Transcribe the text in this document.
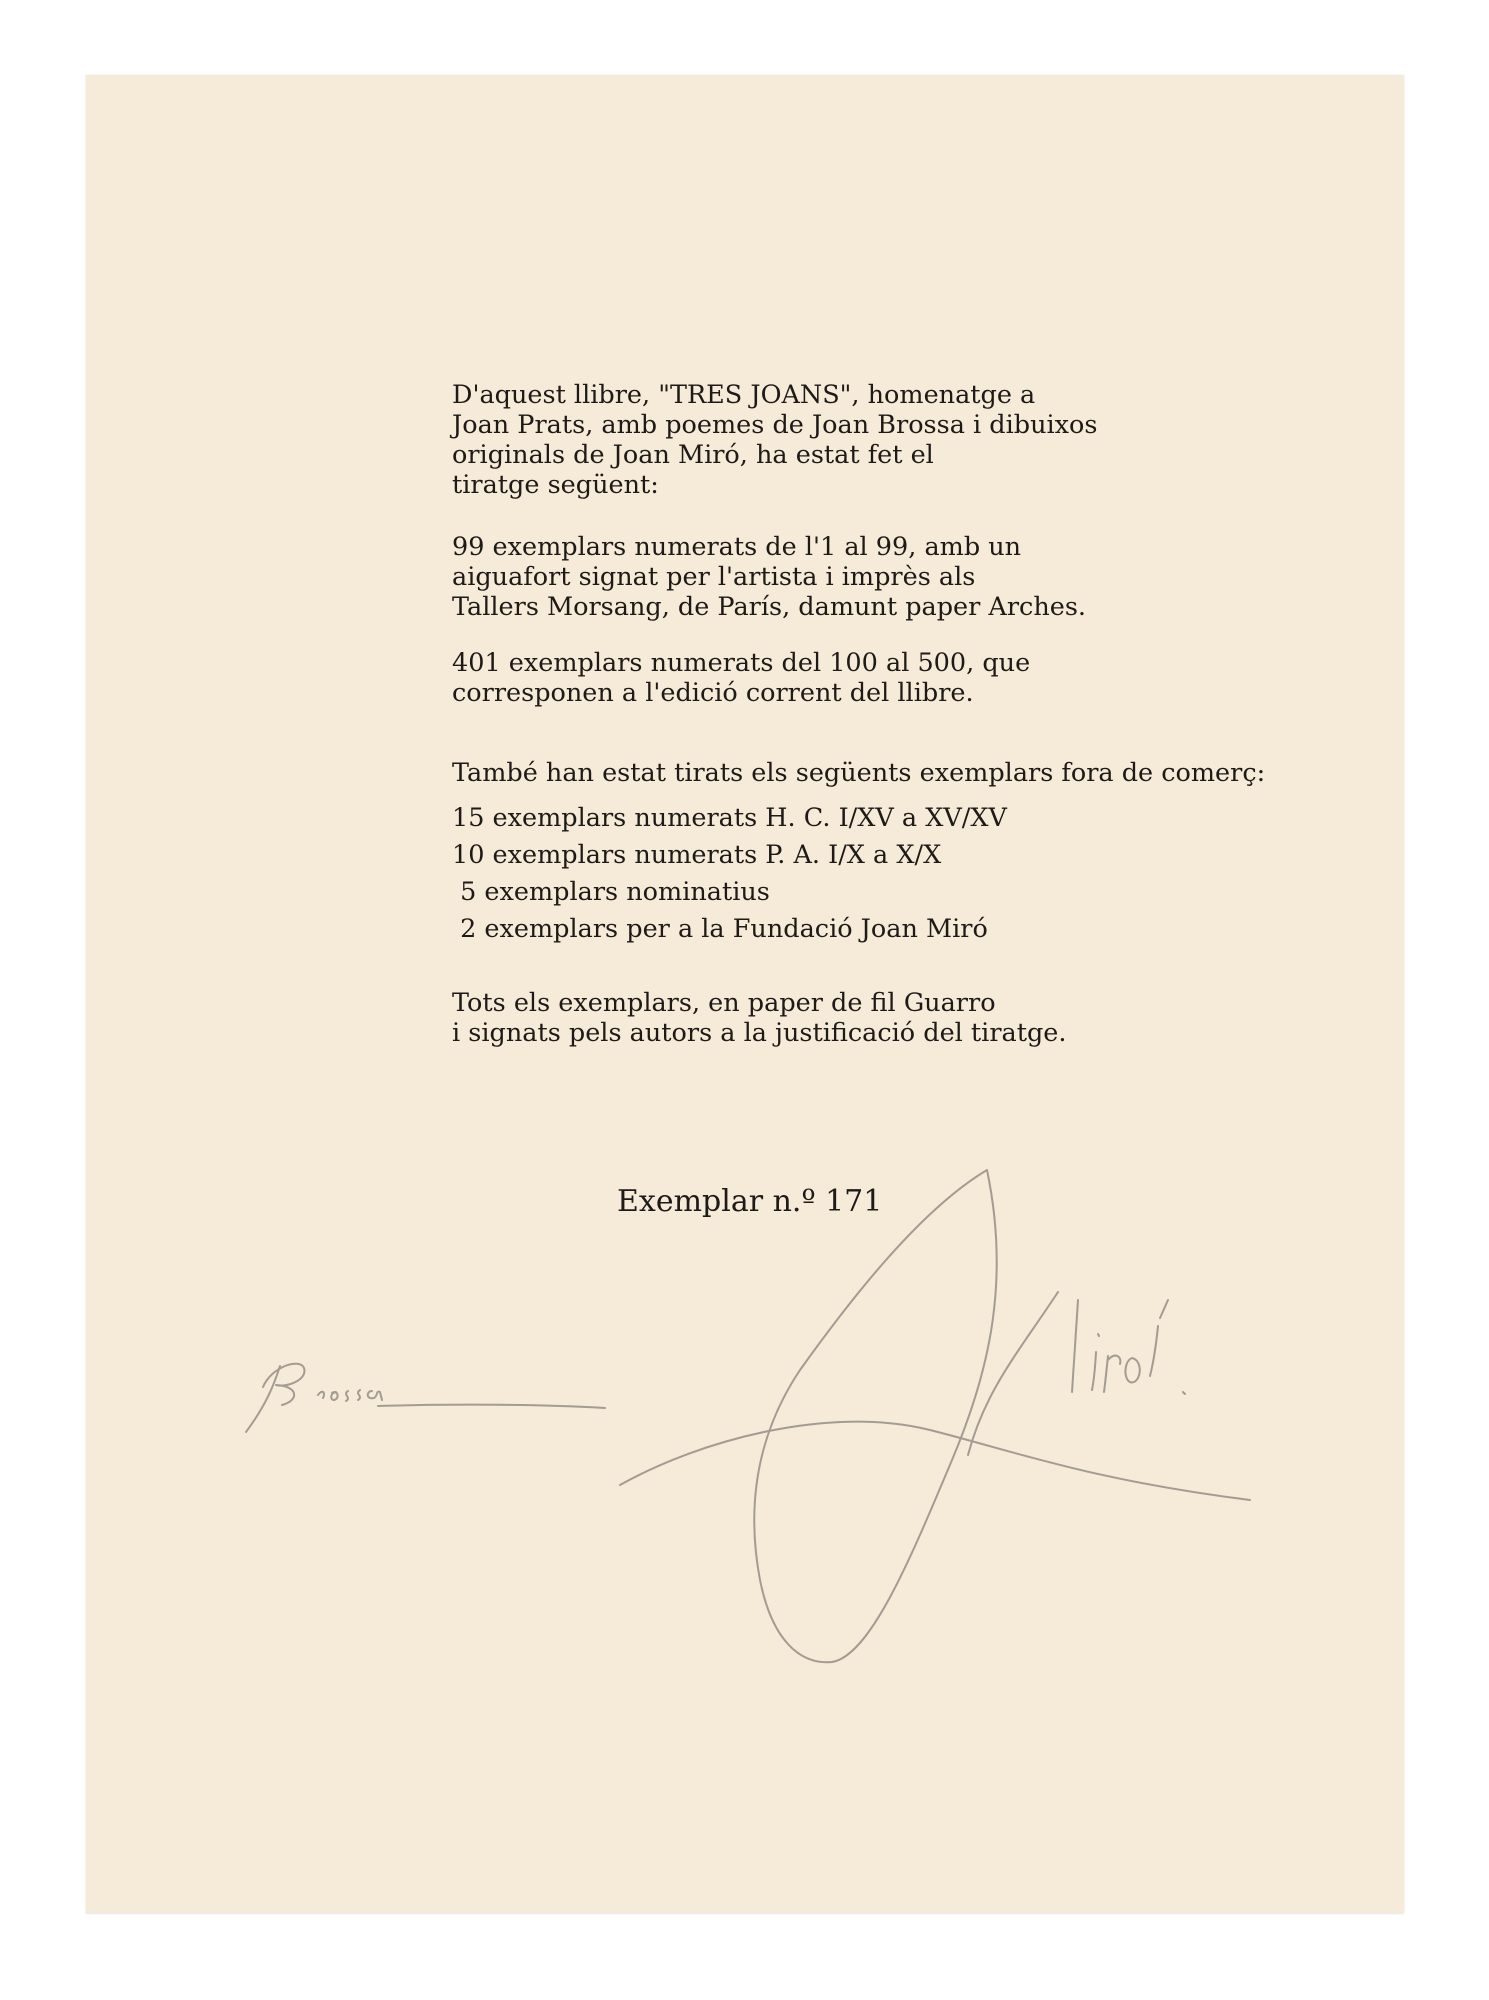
D'aquest llibre, "TRES JOANS", homenatge a
Joan Prats, amb poemes de Joan Brossa i dibuixos
originals de Joan Miró, ha estat fet el
tiratge següent:
99 exemplars numerats de l'1 al 99, amb un
aiguafort signat per l'artista i imprès als
Tallers Morsang, de París, damunt paper Arches.
401 exemplars numerats del 100 al 500, que
corresponen a l'edició corrent del llibre.
També han estat tirats els següents exemplars fora de comerç:
15 exemplars numerats H. C. I/XV a XV/XV
10 exemplars numerats P. A. I/X a X/X
5 exemplars nominatius
2 exemplars per a la Fundació Joan Miró
Tots els exemplars, en paper de fil Guarro
i signats pels autors a la justificació del tiratge.
Exemplar n.º 171
